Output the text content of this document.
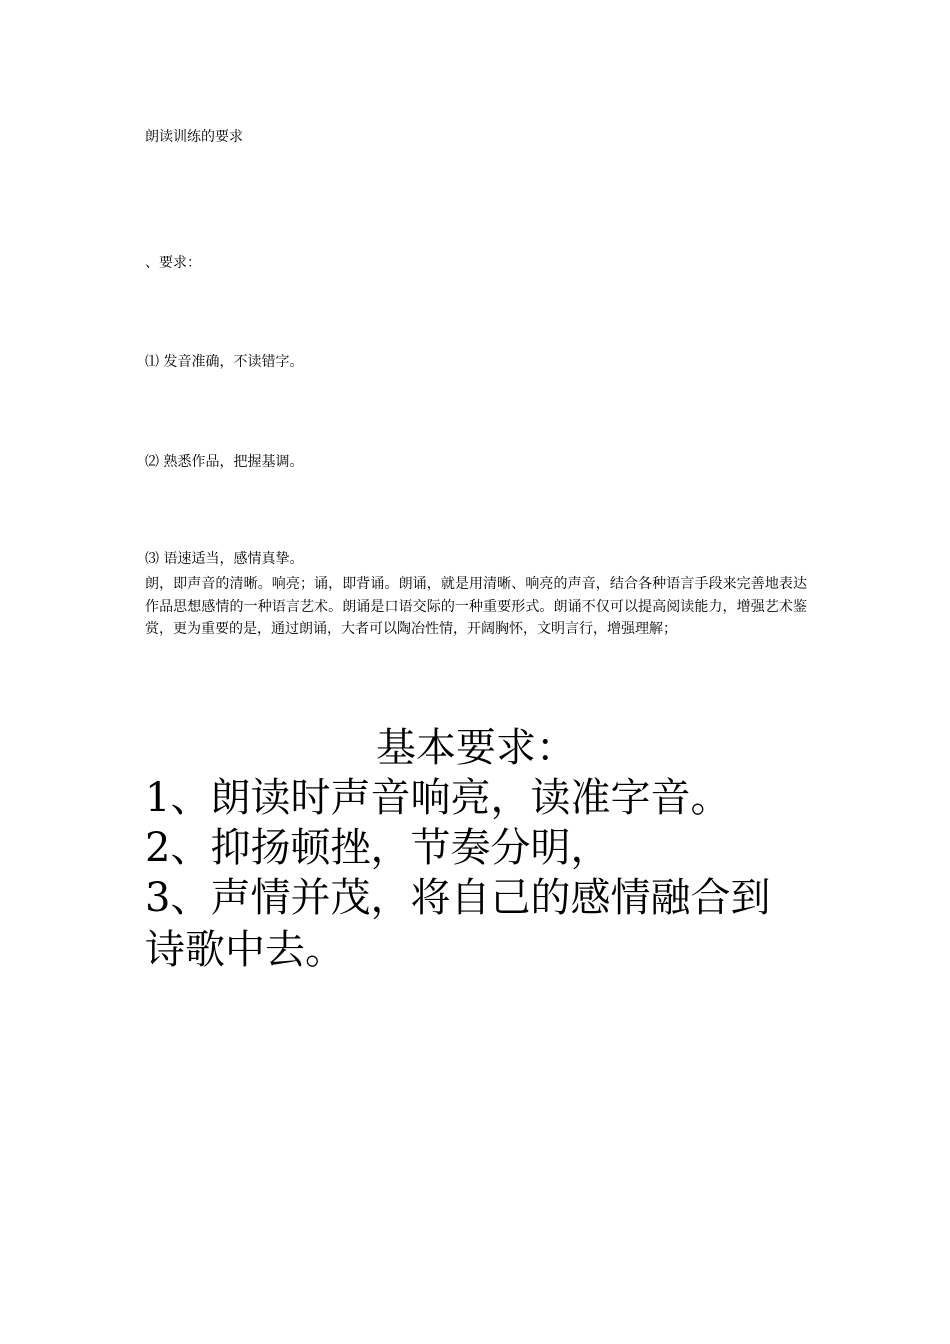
朗读训练的要求
、要求：
⑴ 发音准确，不读错字。
⑵ 熟悉作品，把握基调。
⑶ 语速适当，感情真挚。
朗，即声音的清晰。响亮；诵，即背诵。朗诵，就是用清晰、响亮的声音，结合各种语言手段来完善地表达作品思想感情的一种语言艺术。朗诵是口语交际的一种重要形式。朗诵不仅可以提高阅读能力，增强艺术鉴赏，更为重要的是，通过朗诵，大者可以陶冶性情，开阔胸怀，文明言行，增强理解；
基本要求：
1、朗读时声音响亮，读准字音。
2、抑扬顿挫，节奏分明，
3、声情并茂，将自己的感情融合到诗歌中去。
